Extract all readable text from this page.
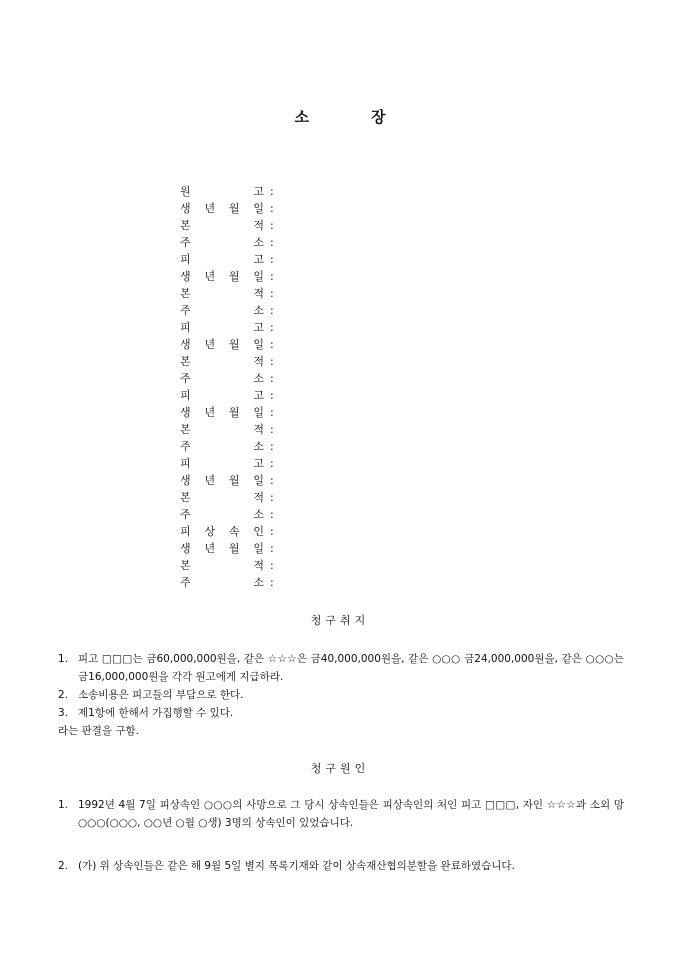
소	장
원	고 :
생 년 월 일 :
본	적 :
주	소 :
피	고 :
생 년 월 일 :
본	적 :
주	소 :
피	고 :
생 년 월 일 :
본	적 :
주	소 :
피	고 :
생 년 월 일 :
본	적 :
주	소 :
피	고 :
생 년 월 일 :
본	적 :
주	소 :
피 상 속 인 :
생 년 월 일 :
본	적 :
주	소 :
청구취지
1. 피고 □□□는 금60,000,000원을, 같은 ☆☆☆은 금40,000,000원을, 같은 ○○○ 금24,000,000원을, 같은 ○○○는 금16,000,000원을 각각 원고에게 지급하라.
2. 소송비용은 피고들의 부담으로 한다.
3. 제1항에 한해서 가집행할 수 있다.
라는 판결을 구함.
청구원인
1. 1992년 4월 7일 피상속인 ○○○의 사망으로 그 당시 상속인들은 피상속인의 처인 피고 □□□, 자인 ☆☆☆과 소외 망 ○○○(○○○, ○○년 ○월 ○생) 3명의 상속인이 있었습니다.
2. (가) 위 상속인들은 같은 해 9월 5일 별지 목록기재와 같이 상속재산협의분할을 완료하였습니다.
